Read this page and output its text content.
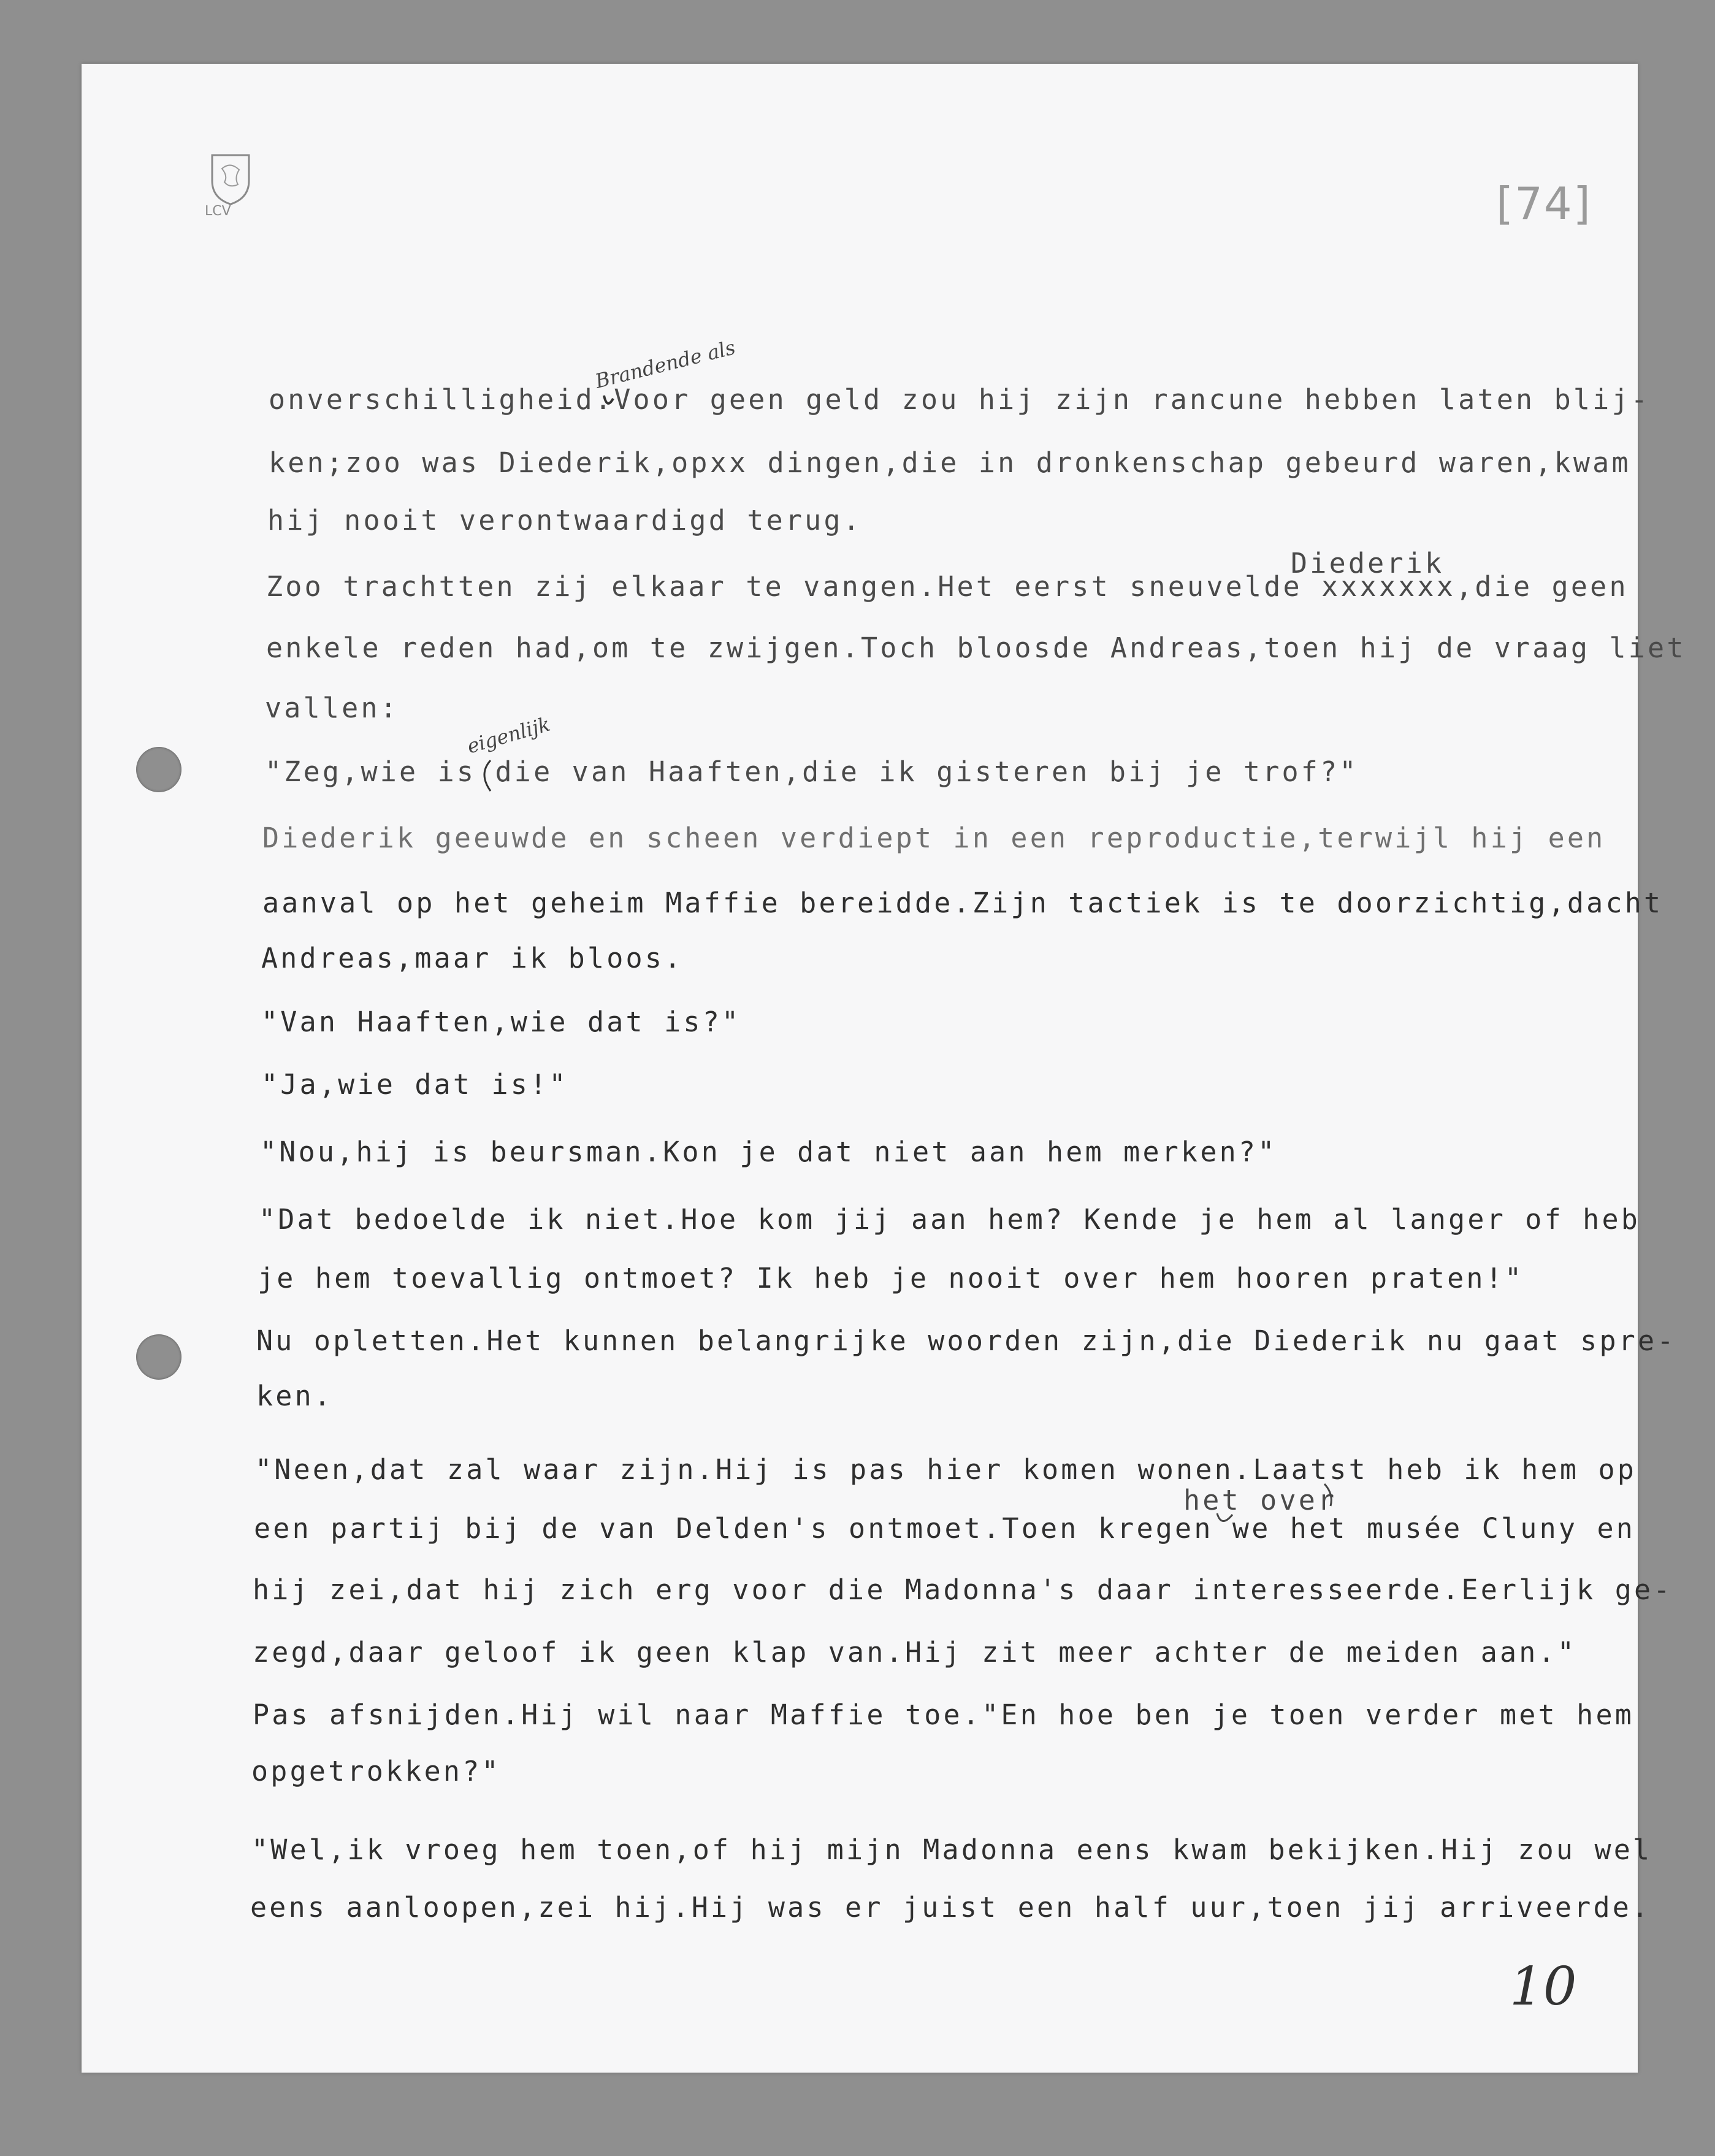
LCV	[74]
onverschilligheid.Voor geen geld zou hij zijn rancune hebben laten blij-
ken;zoo was Diederik,opxx dingen,die in dronkenschap gebeurd waren,kwam
hij nooit verontwaardigd terug.
Diederik
Zoo trachtten zij elkaar te vangen.Het eerst sneuvelde xxxxxxx,die geen
enkele reden had,om te zwijgen.Toch bloosde Andreas,toen hij de vraag liet
vallen:
"Zeg,wie is die van Haaften,die ik gisteren bij je trof?"
Diederik geeuwde en scheen verdiept in een reproductie,terwijl hij een
aanval op het geheim Maffie bereidde.Zijn tactiek is te doorzichtig,dacht
Andreas,maar ik bloos.
"Van Haaften,wie dat is?"
"Ja,wie dat is!"
"Nou,hij is beursman.Kon je dat niet aan hem merken?"
"Dat bedoelde ik niet.Hoe kom jij aan hem? Kende je hem al langer of heb
je hem toevallig ontmoet? Ik heb je nooit over hem hooren praten!"
Nu opletten.Het kunnen belangrijke woorden zijn,die Diederik nu gaat spre-
ken.
"Neen,dat zal waar zijn.Hij is pas hier komen wonen.Laatst heb ik hem op
het over
een partij bij de van Delden's ontmoet.Toen kregen we het musée Cluny en
hij zei,dat hij zich erg voor die Madonna's daar interesseerde.Eerlijk ge-
zegd,daar geloof ik geen klap van.Hij zit meer achter de meiden aan."
Pas afsnijden.Hij wil naar Maffie toe."En hoe ben je toen verder met hem
opgetrokken?"
"Wel,ik vroeg hem toen,of hij mijn Madonna eens kwam bekijken.Hij zou wel
eens aanloopen,zei hij.Hij was er juist een half uur,toen jij arriveerde.
Brandende als
eigenlijk
10
